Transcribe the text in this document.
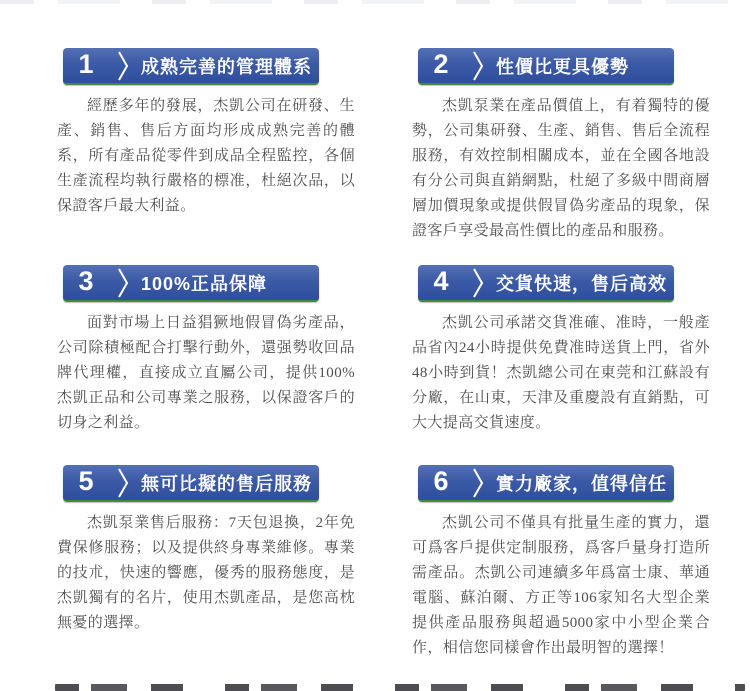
1	成熟完善的管理體系

經歷多年的發展，杰凱公司在研發、生產、銷售、售后方面均形成成熟完善的體系，所有產品從零件到成品全程監控，各個生產流程均執行嚴格的標准，杜絕次品，以保證客戶最大利益。

2	性價比更具優勢

杰凱泵業在產品價值上，有着獨特的優勢，公司集研發、生產、銷售、售后全流程服務，有效控制相關成本，並在全國各地設有分公司與直銷網點，杜絕了多級中間商層層加價現象或提供假冒偽劣產品的現象，保證客戶享受最高性價比的產品和服務。

3	100%正品保障

面對市場上日益猖獗地假冒偽劣產品，公司除積極配合打擊行動外，還强勢收回品牌代理權，直接成立直屬公司，提供100%杰凱正品和公司專業之服務，以保證客戶的切身之利益。

4	交貨快速，售后高效

杰凱公司承諾交貨准確、准時，一般產品省內24小時提供免費准時送貨上門，省外48小時到貨！杰凱總公司在東莞和江蘇設有分廠，在山東，天津及重慶設有直銷點，可大大提高交貨速度。

5	無可比擬的售后服務

杰凱泵業售后服務：7天包退換，2年免費保修服務；以及提供終身專業維修。專業的技朮，快速的響應，優秀的服務態度，是杰凱獨有的名片，使用杰凱產品，是您高枕無憂的選擇。

6	實力廠家，值得信任

杰凱公司不僅具有批量生產的實力，還可爲客戶提供定制服務，爲客戶量身打造所需產品。杰凱公司連續多年爲富士康、華通電腦、蘇泊爾、方正等106家知名大型企業提供產品服務與超過5000家中小型企業合作，相信您同樣會作出最明智的選擇！
